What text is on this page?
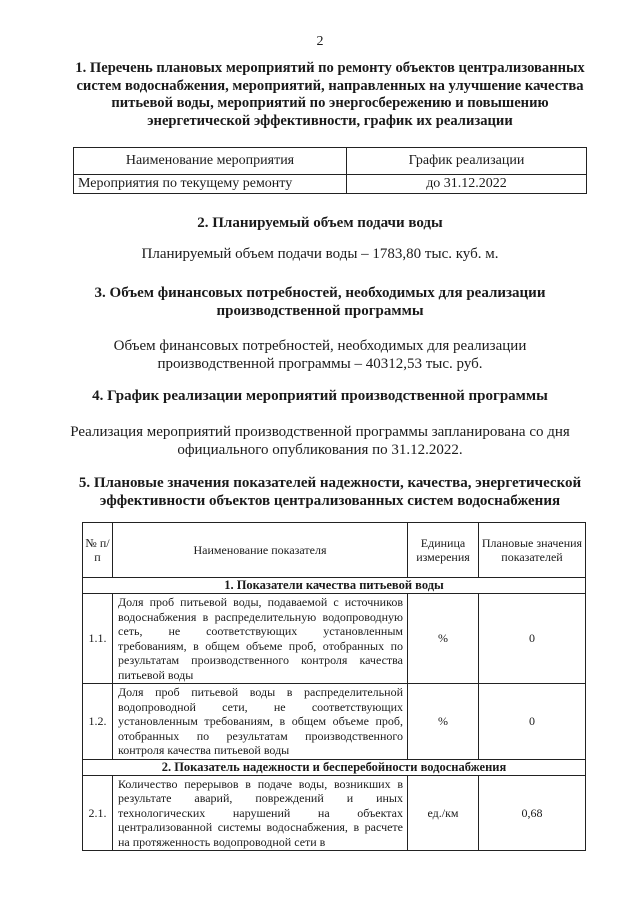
2
1. Перечень плановых мероприятий по ремонту объектов централизованных систем водоснабжения, мероприятий, направленных на улучшение качества питьевой воды, мероприятий по энергосбережению и повышению энергетической эффективности, график их реализации
Наименование мероприятия	График реализации
Мероприятия по текущему ремонту	до 31.12.2022
2. Планируемый объем подачи воды
Планируемый объем подачи воды – 1783,80 тыс. куб. м.
3. Объем финансовых потребностей, необходимых для реализации производственной программы
Объем финансовых потребностей, необходимых для реализации производственной программы – 40312,53 тыс. руб.
4. График реализации мероприятий производственной программы
Реализация мероприятий производственной программы запланирована со дня официального опубликования по 31.12.2022.
5. Плановые значения показателей надежности, качества, энергетической эффективности объектов централизованных систем водоснабжения
№ п/п	Наименование показателя	Единица измерения	Плановые значения показателей
1. Показатели качества питьевой воды			
1.1.	Доля проб питьевой воды, подаваемой с источников водоснабжения в распределительную водопроводную сеть, не соответствующих установленным требованиям, в общем объеме проб, отобранных по результатам производственного контроля качества питьевой воды	%	0
1.2.	Доля проб питьевой воды в распределительной водопроводной сети, не соответствующих установленным требованиям, в общем объеме проб, отобранных по результатам производственного контроля качества питьевой воды	%	0
2. Показатель надежности и бесперебойности водоснабжения			
2.1.	Количество перерывов в подаче воды, возникших в результате аварий, повреждений и иных технологических нарушений на объектах централизованной системы водоснабжения, в расчете на протяженность водопроводной сети в	ед./км	0,68
